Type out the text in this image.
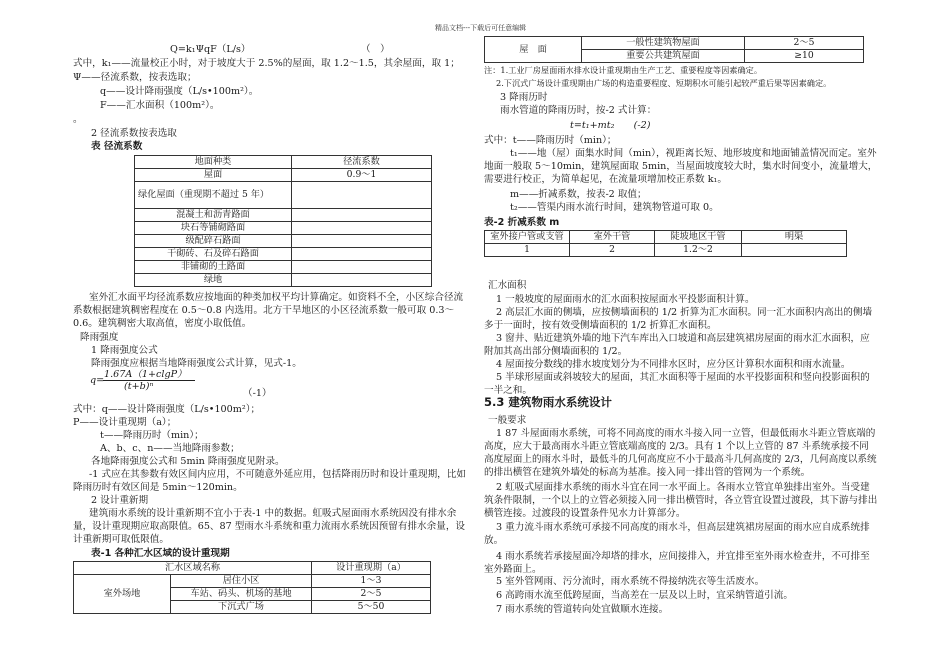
精品文档---下载后可任意编辑
Q=k₁ΨqF（L/s）	（　）
式中，k₁——流量校正小时，对于坡度大于 2.5%的屋面，取 1.2～1.5，其余屋面，取 1；
Ψ——径流系数，按表选取；
q——设计降雨强度（L/s•100m²）。
F——汇水面积（100m²）。
。
2 径流系数按表选取
表 径流系数
地面种类	径流系数
屋面	0.9～1
绿化屋面（重现期不超过 5 年）	
混凝土和沥青路面	
块石等铺砌路面	
级配碎石路面	
干砌砖、石及碎石路面	
非铺砌的土路面	
绿地	
室外汇水面平均径流系数应按地面的种类加权平均计算确定。如资料不全，小区综合径流系数根据建筑稠密程度在 0.5～0.8 内选用。北方干旱地区的小区径流系数一般可取 0.3～0.6。建筑稠密大取高值，密度小取低值。
降雨强度
1 降雨强度公式
降雨强度应根据当地降雨强度公式计算，见式-1。
q=
1.67A（1+clgP）
(t+b)ⁿ
（-1）
式中：q——设计降雨强度（L/s•100m²）；
P——设计重现期（a）；
t——降雨历时（min）；
A、b、c、n——当地降雨参数；
各地降雨强度公式和 5min 降雨强度见附录。
-1 式应在其参数有效区间内应用，不可随意外延应用，包括降雨历时和设计重现期，比如降雨历时有效区间是 5min～120min。
2 设计重新期
建筑雨水系统的设计重新期不宜小于表-1 中的数据。虹吸式屋面雨水系统因没有排水余量，设计重现期应取高限值。65、87 型雨水斗系统和重力流雨水系统因预留有排水余量，设计重新期可取低限值。
表-1 各种汇水区域的设计重现期
汇水区域名称		设计重现期（a）
室外场地	居住小区	1～3
	车站、码头、机场的基地	2～5
	下沉式广场	5～50
屋　面	一般性建筑物屋面	2～5
	重要公共建筑屋面	≥10
注：1.工业厂房屋面雨水排水设计重现期由生产工艺、重要程度等因素确定。
2.下沉式广场设计重现期由广场的构造重要程度、短期积水可能引起较严重后果等因素确定。
3 降雨历时
雨水管道的降雨历时，按-2 式计算：
t=t₁+mt₂　　(-2)
式中：t——降雨历时（min）；
t₁——地（屋）面集水时间（min），视距离长短、地形坡度和地面铺盖情况而定。室外地面一般取 5～10min，建筑屋面取 5min，当屋面坡度较大时，集水时间变小，流量增大，需要进行校正，为简单起见，在流量项增加校正系数 k₁。
m——折减系数，按表-2 取值；
t₂——管渠内雨水流行时间，建筑物管道可取 0。
表-2 折减系数 m
室外接户管或支管	室外干管	陡坡地区干管	明渠
1	2	1.2～2	
汇水面积
1 一般坡度的屋面雨水的汇水面积按屋面水平投影面积计算。
2 高层汇水面的侧墙，应按侧墙面积的 1/2 折算为汇水面积。同一汇水面积内高出的侧墙多于一面时，按有效受侧墙面积的 1/2 折算汇水面积。
3 窗井、贴近建筑外墙的地下汽车库出入口坡道和高层建筑裙房屋面的雨水汇水面积，应附加其高出部分侧墙面积的 1/2。
4 屋面按分数线的排水坡度划分为不同排水区时，应分区计算积水面积和雨水流量。
5 半球形屋面或斜坡较大的屋面，其汇水面积等于屋面的水平投影面积和竖向投影面积的一半之和。
5.3 建筑物雨水系统设计
一般要求
1 87 斗屋面雨水系统，可将不同高度的雨水斗接入同一立管，但最低雨水斗距立管底端的高度，应大于最高雨水斗距立管底端高度的 2/3。具有 1 个以上立管的 87 斗系统承接不同高度屋面上的雨水斗时，最低斗的几何高度应不小于最高斗几何高度的 2/3，几何高度以系统的排出横管在建筑外墙处的标高为基准。接入同一排出管的管网为一个系统。
2 虹吸式屋面排水系统的雨水斗宜在同一水平面上。各雨水立管宜单独排出室外。当受建筑条件限制，一个以上的立管必须接入同一排出横管时，各立管宜设置过渡段，其下游与排出横管连接。过渡段的设置条件见水力计算部分。
3 重力流斗雨水系统可承接不同高度的雨水斗，但高层建筑裙房屋面的雨水应自成系统排放。
4 雨水系统若承接屋面冷却塔的排水，应间接排入，并宜排至室外雨水检查井，不可排至室外路面上。
5 室外管网雨、污分流时，雨水系统不得接纳洗衣等生活废水。
6 高跨雨水流至低跨屋面，当高差在一层及以上时，宜采纳管道引流。
7 雨水系统的管道转向处宜做顺水连接。
